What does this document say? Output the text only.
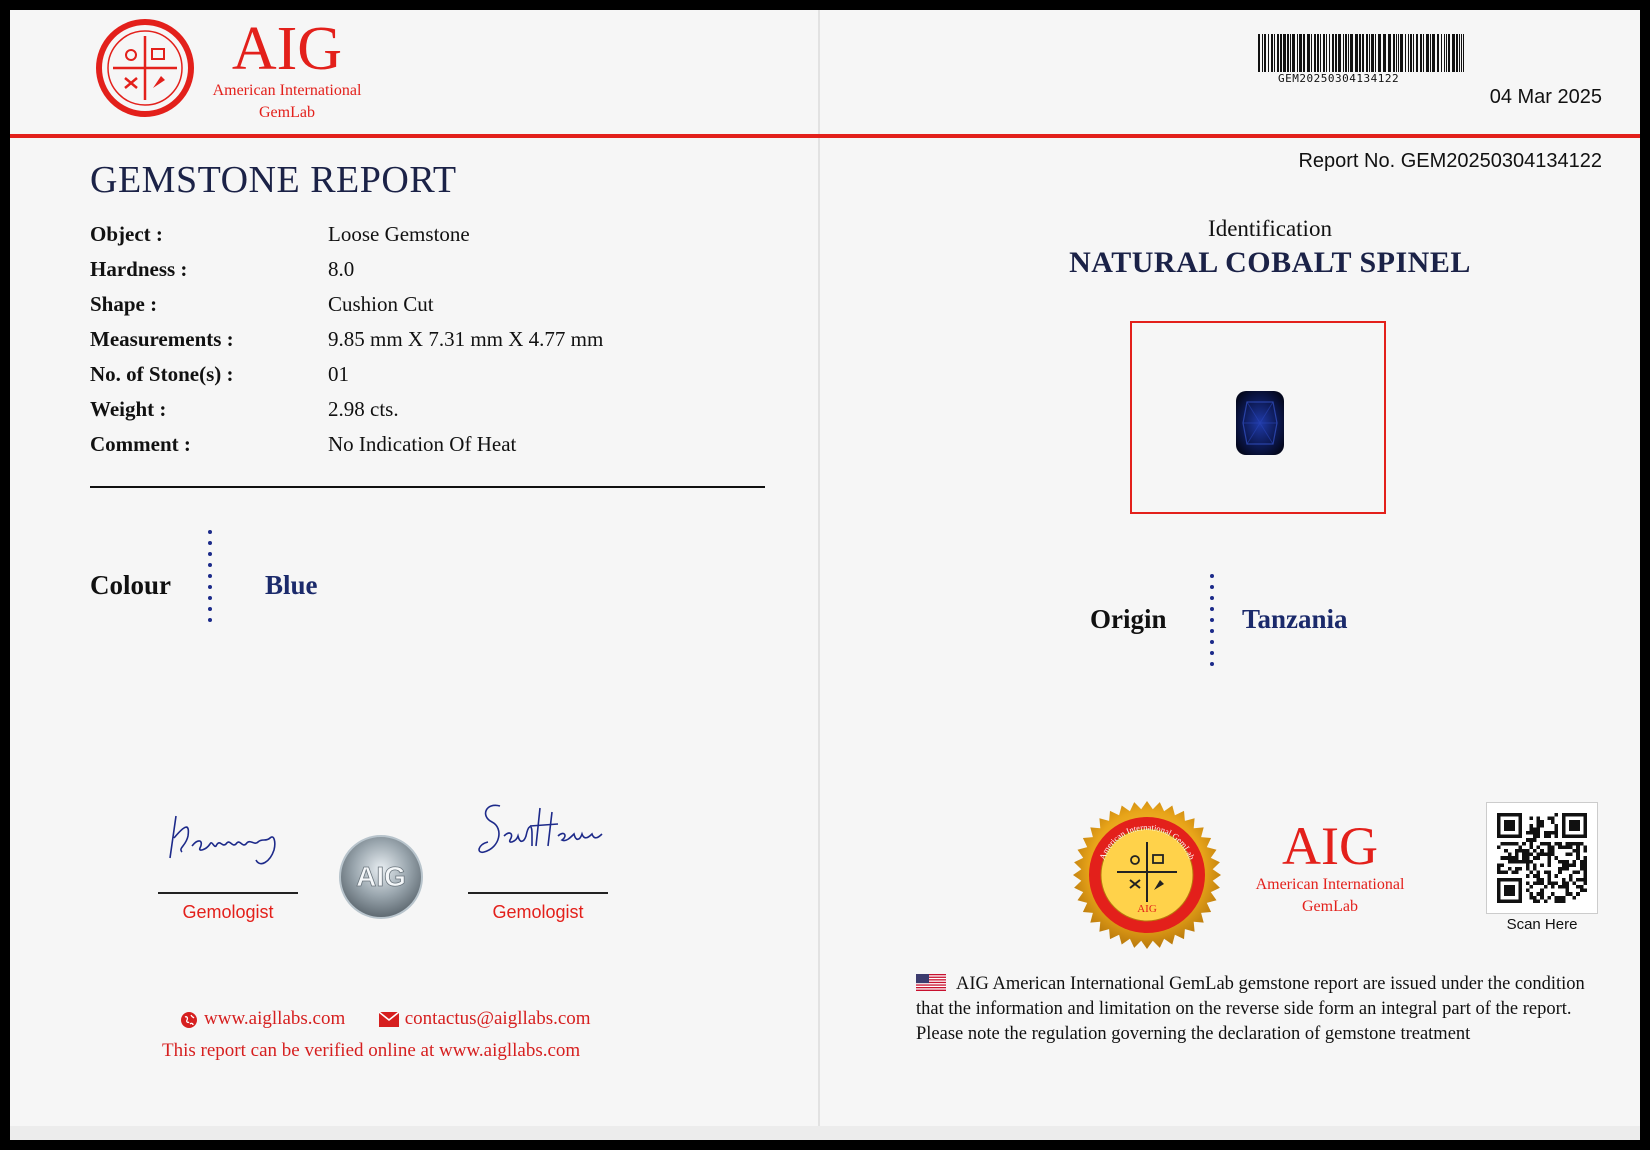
AIG
American International
GemLab
GEM20250304134122
04 Mar 2025
Report No. GEM20250304134122
GEMSTONE REPORT
Object :	Loose Gemstone
Hardness :	8.0
Shape :	Cushion Cut
Measurements :	9.85 mm X 7.31 mm X 4.77 mm
No. of Stone(s) :	01
Weight :	2.98 cts.
Comment :	No Indication Of Heat
Colour	Blue
Gemologist
AIG
Gemologist
www.aigllabs.com	contactus@aigllabs.com
This report can be verified online at www.aigllabs.com
Identification
NATURAL COBALT SPINEL
Origin	Tanzania
American International GemLab
AIG
AIG
American International
GemLab
Scan Here
AIG American International GemLab gemstone report are issued under the condition that the information and limitation on the reverse side form an integral part of the report. Please note the regulation governing the declaration of gemstone treatment
